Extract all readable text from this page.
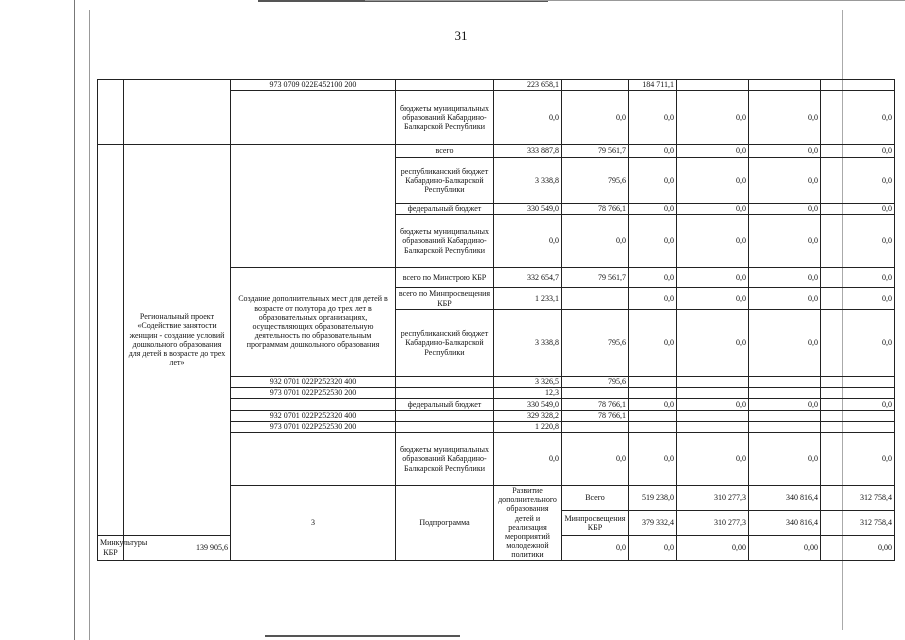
31
		973 0709 022Е452100 200		223 658,1		184 711,1				
			бюджеты муниципальных образований Кабардино-Балкарской Республики	0,0	0,0	0,0	0,0	0,0	0,0	
	Региональный проект «Содействие занятости женщин - создание условий дошкольного образования для детей в возрасте до трех лет»		всего	333 887,8	79 561,7	0,0	0,0	0,0	0,0	
			республиканский бюджет Кабардино-Балкарской Республики	3 338,8	795,6	0,0	0,0	0,0	0,0	
			федеральный бюджет	330 549,0	78 766,1	0,0	0,0	0,0	0,0	
			бюджеты муниципальных образований Кабардино-Балкарской Республики	0,0	0,0	0,0	0,0	0,0	0,0	
		Создание дополнительных мест для детей в возрасте от полутора до трех лет в образовательных организациях, осуществляющих образовательную деятельность по образовательным программам дошкольного образования	всего по Минстрою КБР	332 654,7	79 561,7	0,0	0,0	0,0	0,0	
			всего по Минпросвещения КБР	1 233,1		0,0	0,0	0,0	0,0	
			республиканский бюджет Кабардино-Балкарской Республики	3 338,8	795,6	0,0	0,0	0,0	0,0	
		932 0701 022Р252320 400		3 326,5	795,6					
		973 0701 022Р252530 200		12,3						
			федеральный бюджет	330 549,0	78 766,1	0,0	0,0	0,0	0,0	
		932 0701 022Р252320 400		329 328,2	78 766,1					
		973 0701 022Р252530 200		1 220,8						
			бюджеты муниципальных образований Кабардино-Балкарской Республики	0,0	0,0	0,0	0,0	0,0	0,0	
		3	Подпрограмма	Развитие дополнительного образования детей и реализация мероприятий молодежной политики	Всего	519 238,0	310 277,3	340 816,4	312 758,4		
					Минпросвещения КБР	379 332,4	310 277,3	340 816,4	312 758,4		
Минкультуры КБР	139 905,6				0,0	0,0	0,00	0,00	0,00	
